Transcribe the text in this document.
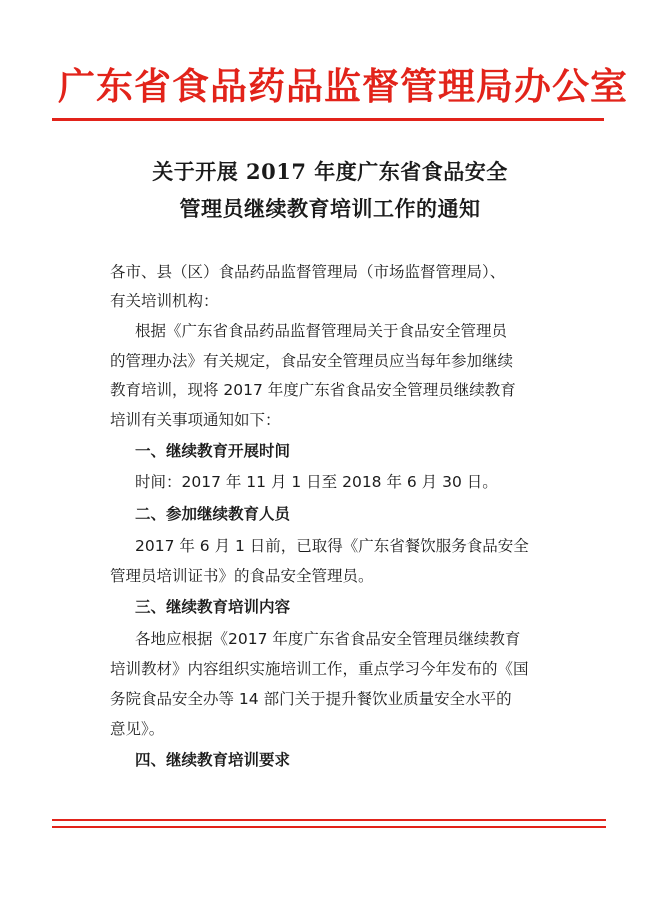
广东省食品药品监督管理局办公室
关于开展 2017 年度广东省食品安全
管理员继续教育培训工作的通知
各市、县（区）食品药品监督管理局（市场监督管理局）、
有关培训机构：
根据《广东省食品药品监督管理局关于食品安全管理员
的管理办法》有关规定，食品安全管理员应当每年参加继续
教育培训，现将 2017 年度广东省食品安全管理员继续教育
培训有关事项通知如下：
一、继续教育开展时间
时间：2017 年 11 月 1 日至 2018 年 6 月 30 日。
二、参加继续教育人员
2017 年 6 月 1 日前，已取得《广东省餐饮服务食品安全
管理员培训证书》的食品安全管理员。
三、继续教育培训内容
各地应根据《2017 年度广东省食品安全管理员继续教育
培训教材》内容组织实施培训工作，重点学习今年发布的《国
务院食品安全办等 14 部门关于提升餐饮业质量安全水平的
意见》。
四、继续教育培训要求
